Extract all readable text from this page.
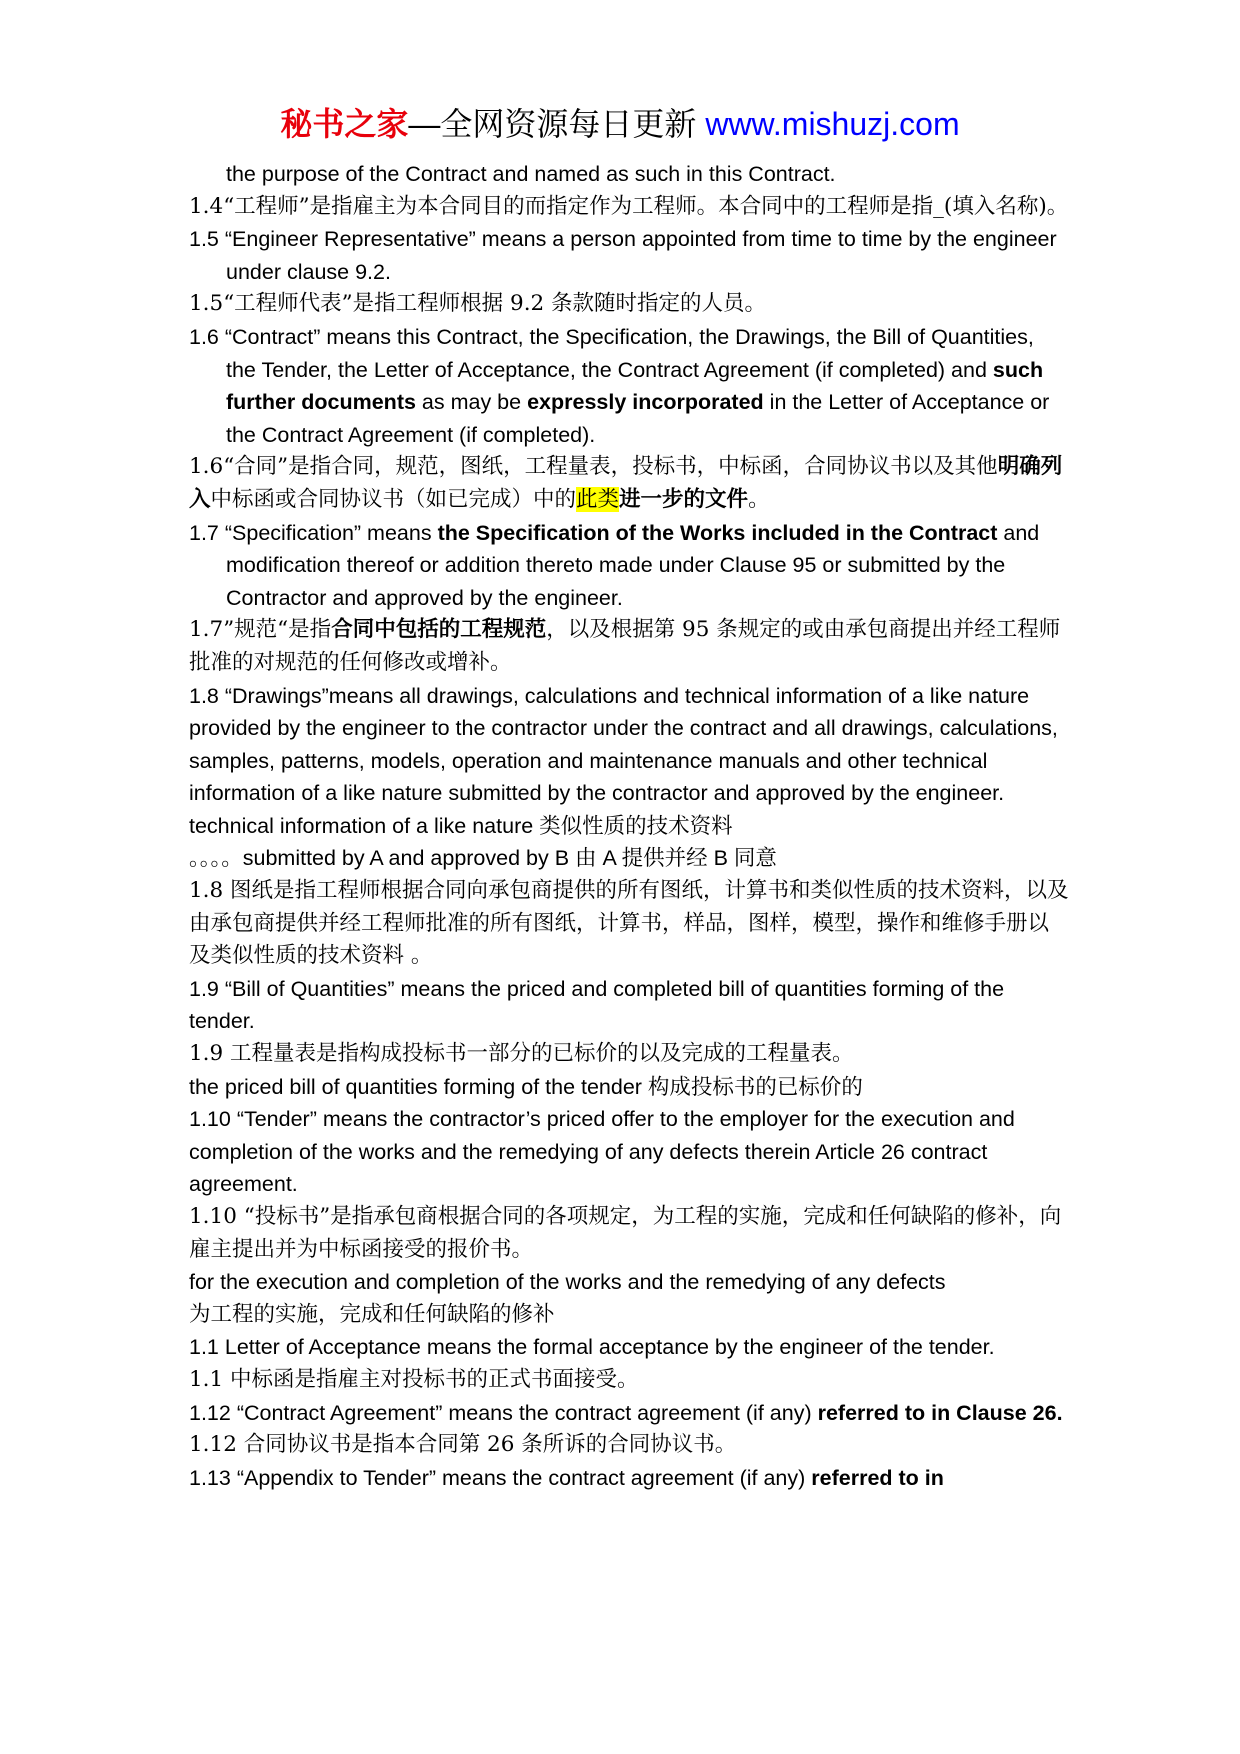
秘书之家—全网资源每日更新 www.mishuzj.com

the purpose of the Contract and named as such in this Contract.

1.4“工程师”是指雇主为本合同目的而指定作为工程师。本合同中的工程师是指_(填入名称)。

1.5 “Engineer Representative” means a person appointed from time to time by the engineer under clause 9.2.

1.5“工程师代表”是指工程师根据 9.2 条款随时指定的人员。

1.6 “Contract” means this Contract, the Specification, the Drawings, the Bill of Quantities, the Tender, the Letter of Acceptance, the Contract Agreement (if completed) and such further documents as may be expressly incorporated in the Letter of Acceptance or the Contract Agreement (if completed).

1.6“合同”是指合同，规范，图纸，工程量表，投标书，中标函，合同协议书以及其他明确列入中标函或合同协议书（如已完成）中的此类进一步的文件。

1.7 “Specification” means the Specification of the Works included in the Contract and modification thereof or addition thereto made under Clause 95 or submitted by the Contractor and approved by the engineer.

1.7”规范“是指合同中包括的工程规范，以及根据第 95 条规定的或由承包商提出并经工程师批准的对规范的任何修改或增补。

1.8 “Drawings”means all drawings, calculations and technical information of a like nature provided by the engineer to the contractor under the contract and all drawings, calculations, samples, patterns, models, operation and maintenance manuals and other technical information of a like nature submitted by the contractor and approved by the engineer.

technical information of a like nature 类似性质的技术资料

。。。。submitted by A and approved by B 由 A 提供并经 B 同意

1.8 图纸是指工程师根据合同向承包商提供的所有图纸，计算书和类似性质的技术资料，以及由承包商提供并经工程师批准的所有图纸，计算书，样品，图样，模型，操作和维修手册以及类似性质的技术资料 。

1.9 “Bill of Quantities” means the priced and completed bill of quantities forming of the tender.

1.9 工程量表是指构成投标书一部分的已标价的以及完成的工程量表。

the priced bill of quantities forming of the tender 构成投标书的已标价的

1.10 “Tender” means the contractor’s priced offer to the employer for the execution and completion of the works and the remedying of any defects therein Article 26 contract agreement.

1.10 “投标书”是指承包商根据合同的各项规定，为工程的实施，完成和任何缺陷的修补，向雇主提出并为中标函接受的报价书。

for the execution and completion of the works and the remedying of any defects

为工程的实施，完成和任何缺陷的修补

1.1 Letter of Acceptance means the formal acceptance by the engineer of the tender.

1.1 中标函是指雇主对投标书的正式书面接受。

1.12 “Contract Agreement” means the contract agreement (if any) referred to in Clause 26.

1.12 合同协议书是指本合同第 26 条所诉的合同协议书。

1.13 “Appendix to Tender” means the contract agreement (if any) referred to in
